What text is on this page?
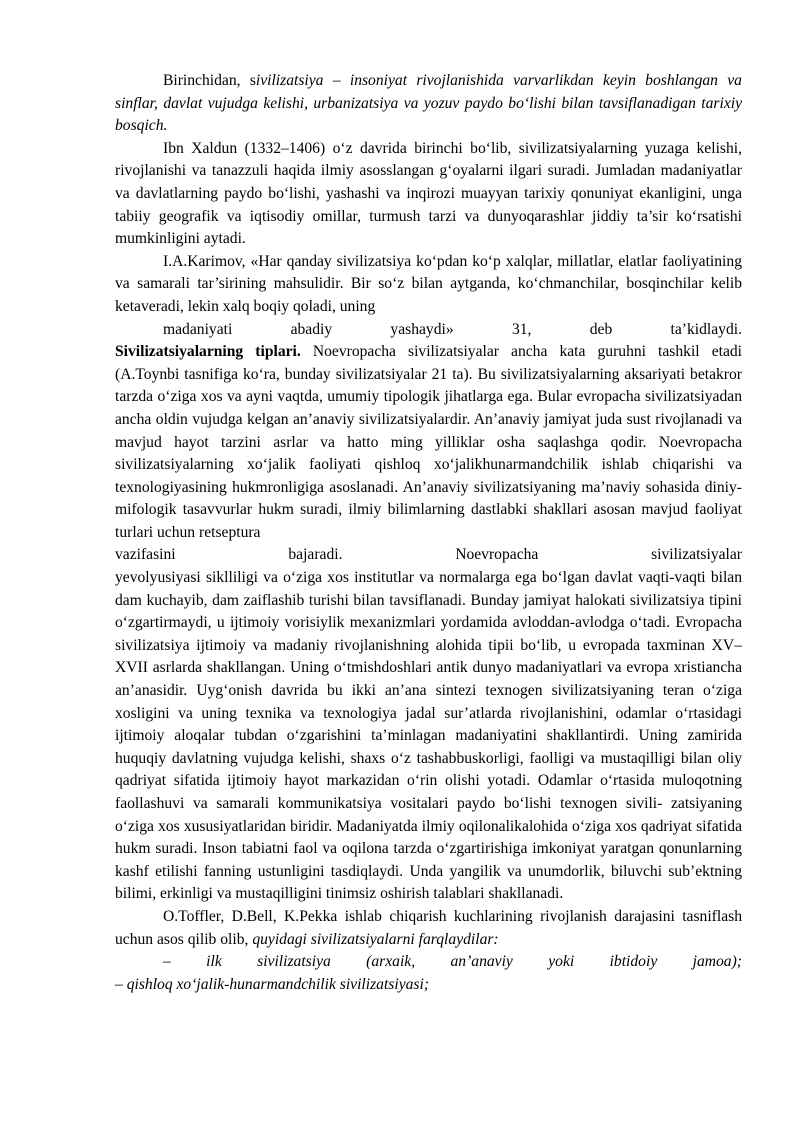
Birinchidan, sivilizatsiya – insoniyat rivojlanishida varvarlikdan keyin boshlangan va sinflar, davlat vujudga kelishi, urbanizatsiya va yozuv paydo bo‘lishi bilan tavsiflanadigan tarixiy bosqich.

Ibn Xaldun (1332–1406) o‘z davrida birinchi bo‘lib, sivilizatsiyalarning yuzaga kelishi, rivojlanishi va tanazzuli haqida ilmiy asosslangan g‘oyalarni ilgari suradi. Jumladan madaniyatlar va davlatlarning paydo bo‘lishi, yashashi va inqirozi muayyan tarixiy qonuniyat ekanligini, unga tabiiy geografik va iqtisodiy omillar, turmush tarzi va dunyoqarashlar jiddiy ta’sir ko‘rsatishi mumkinligini aytadi.

I.A.Karimov, «Har qanday sivilizatsiya ko‘pdan ko‘p xalqlar, millatlar, elatlar faoliyatining va samarali tar’sirining mahsulidir. Bir so‘z bilan aytganda, ko‘chmanchilar, bosqinchilar kelib ketaveradi, lekin xalq boqiy qoladi, uning
madaniyati abadiy yashaydi» 31, deb ta’kidlaydi.

Sivilizatsiyalarning tiplari. Noevropacha sivilizatsiyalar ancha kata guruhni tashkil etadi (A.Toynbi tasnifiga ko‘ra, bunday sivilizatsiyalar 21 ta). Bu sivilizatsiyalarning aksariyati betakror tarzda o‘ziga xos va ayni vaqtda, umumiy tipologik jihatlarga ega. Bular evropacha sivilizatsiyadan ancha oldin vujudga kelgan an’anaviy sivilizatsiyalardir. An’anaviy jamiyat juda sust rivojlanadi va mavjud hayot tarzini asrlar va hatto ming yilliklar osha saqlashga qodir. Noevropacha sivilizatsiyalarning xo‘jalik faoliyati qishloq xo‘jalikhunarmandchilik ishlab chiqarishi va texnologiyasining hukmronligiga asoslanadi. An’anaviy sivilizatsiyaning ma’naviy sohasida diniy-mifologik tasavvurlar hukm suradi, ilmiy bilimlarning dastlabki shakllari asosan mavjud faoliyat turlari uchun retseptura
vazifasini bajaradi. Noevropacha sivilizatsiyalar
yevolyusiyasi siklliligi va o‘ziga xos institutlar va normalarga ega bo‘lgan davlat vaqti-vaqti bilan dam kuchayib, dam zaiflashib turishi bilan tavsiflanadi. Bunday jamiyat halokati sivilizatsiya tipini o‘zgartirmaydi, u ijtimoiy vorisiylik mexanizmlari yordamida avloddan-avlodga o‘tadi. Evropacha sivilizatsiya ijtimoiy va madaniy rivojlanishning alohida tipii bo‘lib, u evropada taxminan XV–XVII asrlarda shakllangan. Uning o‘tmishdoshlari antik dunyo madaniyatlari va evropa xristiancha an’anasidir. Uyg‘onish davrida bu ikki an’ana sintezi texnogen sivilizatsiyaning teran o‘ziga xosligini va uning texnika va texnologiya jadal sur’atlarda rivojlanishini, odamlar o‘rtasidagi ijtimoiy aloqalar tubdan o‘zgarishini ta’minlagan madaniyatini shakllantirdi. Uning zamirida huquqiy davlatning vujudga kelishi, shaxs o‘z tashabbuskorligi, faolligi va mustaqilligi bilan oliy qadriyat sifatida ijtimoiy hayot markazidan o‘rin olishi yotadi. Odamlar o‘rtasida muloqotning faollashuvi va samarali kommunikatsiya vositalari paydo bo‘lishi texnogen sivili- zatsiyaning o‘ziga xos xususiyatlaridan biridir. Madaniyatda ilmiy oqilonalikalohida o‘ziga xos qadriyat sifatida hukm suradi. Inson tabiatni faol va oqilona tarzda o‘zgartirishiga imkoniyat yaratgan qonunlarning kashf etilishi fanning ustunligini tasdiqlaydi. Unda yangilik va unumdorlik, biluvchi sub’ektning bilimi, erkinligi va mustaqilligini tinimsiz oshirish talablari shakllanadi.

O.Toffler, D.Bell, K.Pekka ishlab chiqarish kuchlarining rivojlanish darajasini tasniflash uchun asos qilib olib, quyidagi sivilizatsiyalarni farqlaydilar:
– ilk sivilizatsiya (arxaik, an’anaviy yoki ibtidoiy jamoa);
– qishloq xo‘jalik-hunarmandchilik sivilizatsiyasi;
